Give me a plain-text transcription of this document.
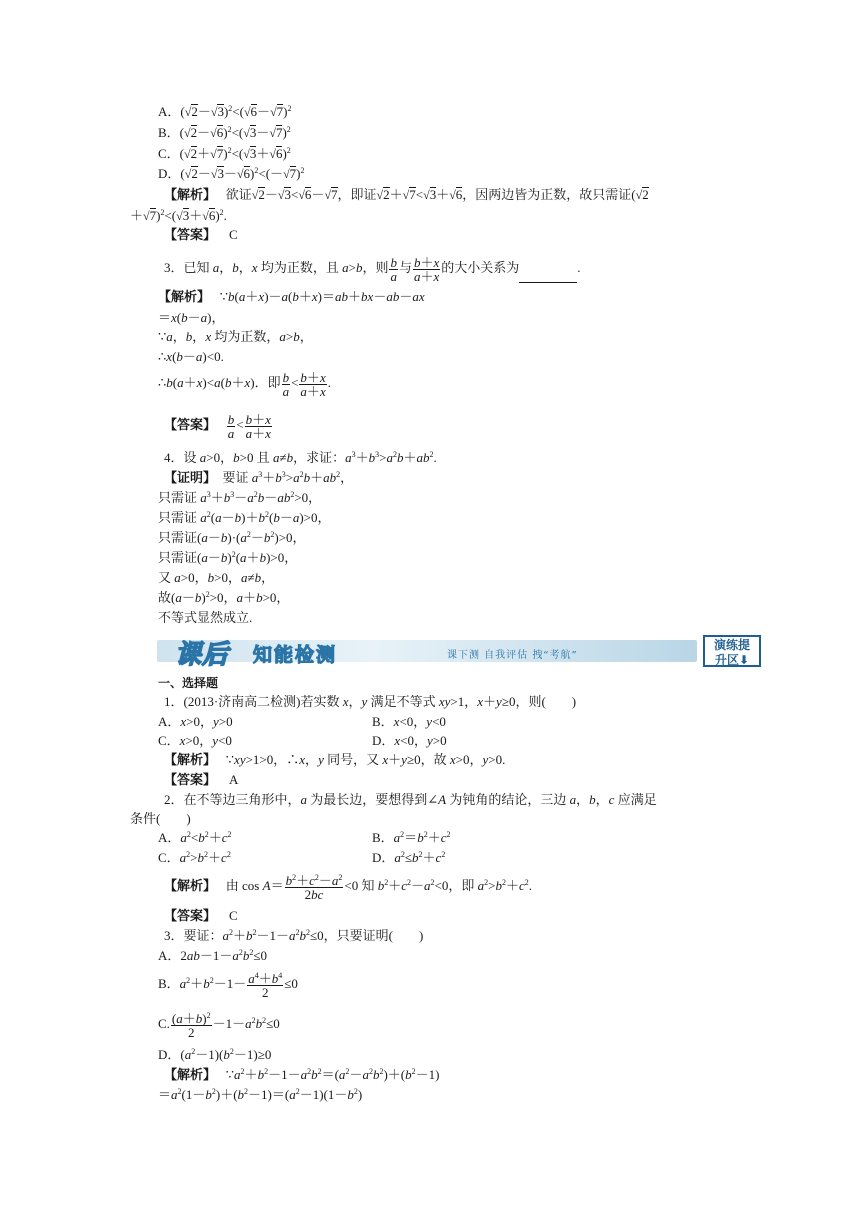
A．$(√2-√3)^2<(√6-√7)^2$
B．$(√2-√6)^2<(√3-√7)^2$
C．$(√2+√7)^2<(√3+√6)^2$
D．$(√2-√3-√6)^2<(-√7)^2$
【解析】   欲证√2－√3<√6－√7，即证√2＋√7<√3＋√6，因两边皆为正数，故只需证(√2
$+√7)^2<(√3+√6)^2$.
【答案】 C
3．已知 a，b，x 均为正数，且 a>b，则 $\frac{b}{a}$ 与 $\frac{b+x}{a+x}$ 的大小关系为	.
【解析】   ∵b(a＋x)－a(b＋x)＝ab＋bx－ab－ax
＝x(b－a)，
∵a，b，x 均为正数，a>b，
∴x(b－a)<0.
∴b(a＋x)<a(b＋x)．即 $\frac{b}{a} < \frac{b+x}{a+x}$ .
【答案】 $\frac{b}{a} < \frac{b+x}{a+x}$
4．设 a>0，b>0 且 a≠b，求证：$a^3+b^3>a^2b+ab^2$.
【证明】  要证 $a^3+b^3>a^2b+ab^2$，
只需证 $a^3+b^3-a^2b-ab^2>0$，
只需证 $a^2(a-b)+b^2(b-a)>0$，
只需证$(a-b)\cdot(a^2-b^2)>0$，
只需证$(a-b)^2(a+b)>0$，
又 a>0，b>0，a≠b，
故$(a-b)^2>0$，a＋b>0，
不等式显然成立.
课后 知能检测	课下测 自我评估 拽“考航”
演练提
升区⬇
一、选择题
1．(2013·济南高二检测)若实数 x，y 满足不等式 xy>1，x＋y≥0，则(　　)
A．x>0，y>0	B．x<0，y<0
C．x>0，y<0	D．x<0，y>0
【解析】   ∵xy>1>0，∴x，y 同号，又 x＋y≥0，故 x>0，y>0.
【答案】 A
2．在不等边三角形中，a 为最长边，要想得到∠A 为钝角的结论，三边 a，b，c 应满足
条件(　　)
A．$a^2<b^2+c^2$	B．$a^2=b^2+c^2$
C．$a^2>b^2+c^2$	D．$a^2\le b^2+c^2$
【解析】   由 $\cos A= \frac{b^2+c^2-a^2}{2bc} <0$ 知 $b^2+c^2-a^2<0$，即 $a^2>b^2+c^2$.
【答案】 C
3．要证：$a^2+b^2-1-a^2b^2\le 0$，只要证明(　　)
A．$2ab-1-a^2b^2\le 0$
B．$a^2+b^2-1- \frac{a^4+b^4}{2} \le 0$
C. $\frac{(a+b)^2}{2} -1-a^2b^2\le 0$
D．$(a^2-1)(b^2-1)\ge 0$
【解析】   $\because a^2+b^2-1-a^2b^2=(a^2-a^2b^2)+(b^2-1)$
$=a^2(1-b^2)+(b^2-1)=(a^2-1)(1-b^2)$
